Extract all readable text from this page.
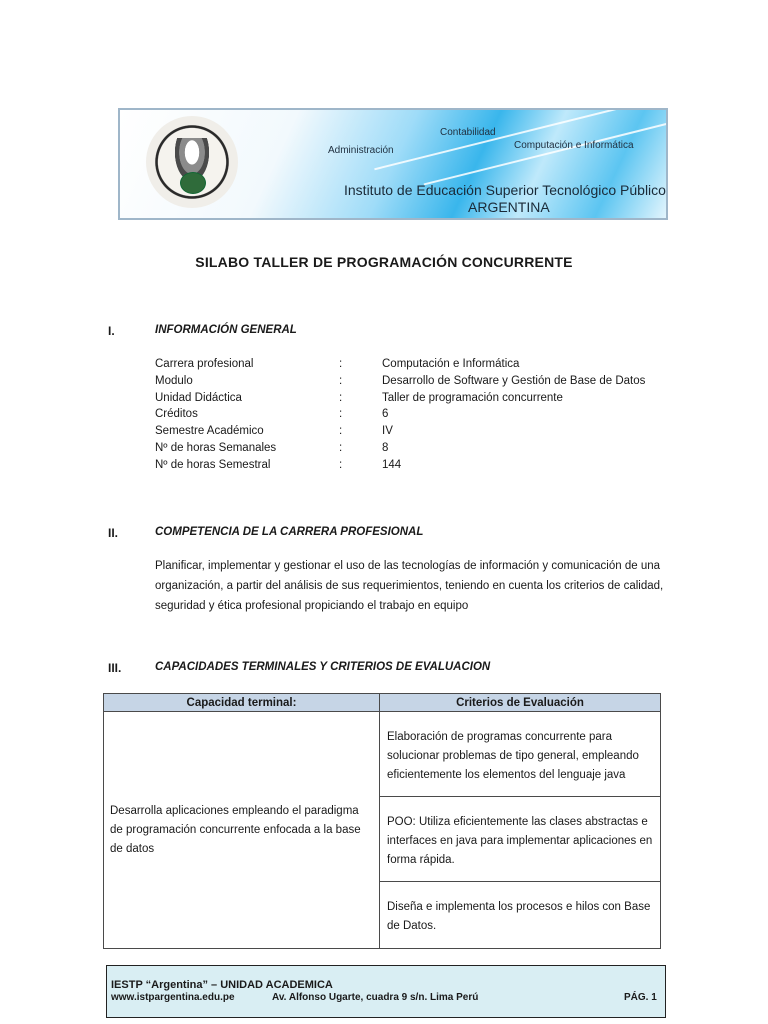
Contabilidad
Administración	Computación e Informática
Instituto de Educación Superior Tecnológico Público
ARGENTINA
SILABO TALLER DE PROGRAMACIÓN CONCURRENTE
I.	INFORMACIÓN GENERAL
Carrera profesional	:	Computación e Informática
Modulo	:	Desarrollo de Software y Gestión de Base de Datos
Unidad Didáctica	:	Taller de programación concurrente
Créditos	:	6
Semestre Académico	:	IV
Nº de horas Semanales	:	8
Nº de horas Semestral	:	144
II.	COMPETENCIA DE LA CARRERA PROFESIONAL
Planificar, implementar y gestionar el uso de las tecnologías de información y comunicación de una organización, a partir del análisis de sus requerimientos, teniendo en cuenta los criterios de calidad, seguridad y ética profesional propiciando el trabajo en equipo
III.	CAPACIDADES TERMINALES Y CRITERIOS DE EVALUACION
Capacidad terminal:	Criterios de Evaluación
Desarrolla aplicaciones empleando el paradigma de programación concurrente enfocada a la base de datos	Elaboración de programas concurrente para solucionar problemas de tipo general, empleando eficientemente los elementos del lenguaje java
	POO: Utiliza eficientemente las clases abstractas e interfaces en java para implementar aplicaciones en forma rápida.
	Diseña e implementa los procesos e hilos con Base de Datos.
IESTP “Argentina” – UNIDAD ACADEMICA
www.istpargentina.edu.pe	Av. Alfonso Ugarte, cuadra 9 s/n. Lima Perú	PÁG. 1
